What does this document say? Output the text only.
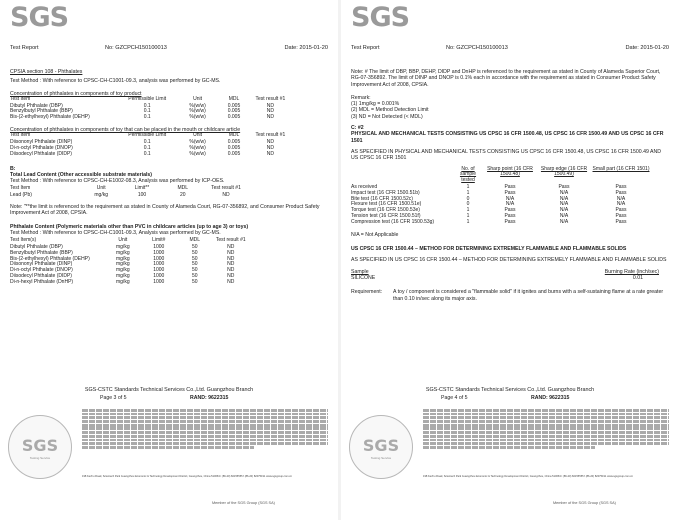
SGS
Test Report	No: GZCPCH150100013	Date: 2015-01-20

CPSIA section 108 - Phthalates

Test Method : With reference to CPSC-CH-C1001-09.3, analysis was performed by GC-MS.

Concentration of phthalates in components of toy product

Test Item	Permissible Limit	Unit	MDL	Test result #1
Dibutyl Phthalate (DBP)	0.1	%(w/w)	0.005	ND
Benzylbutyl Phthalate (BBP)	0.1	%(w/w)	0.005	ND
Bis-(2-ethylhexyl) Phthalate (DEHP)	0.1	%(w/w)	0.005	ND

Concentration of phthalates in components of toy that can be placed in the mouth or childcare article

Test Item	Permissible Limit	Unit	MDL	Test result #1
Diisononyl Phthalate (DINP)	0.1	%(w/w)	0.005	ND
Di-n-octyl Phthalate (DNOP)	0.1	%(w/w)	0.005	ND
Diisodecyl Phthalate (DIDP)	0.1	%(w/w)	0.005	ND

B:

Total Lead Content (Other accessible substrate materials)

Test Method : With reference to CPSC-CH-E1002-08.3, Analysis was performed by ICP-OES.

Test Item	Unit	Limit**	MDL	Test result #1
Lead (Pb)	mg/kg	100	20	ND

Note: "**the limit is referenced to the requirement as stated in County of Alameda Court, RG-07-356892, and Consumer Product Safety Improvement Act of 2008, CPSIA.

Phthalate Content (Polymeric materials other than PVC in childcare articles (up to age 3) or toys)

Test Method : With reference to CPSC-CH-C1001-09.3, Analysis was performed by GC-MS.

Test Item(s)	Unit	Limit#	MDL	Test result #1
Dibutyl Phthalate (DBP)	mg/kg	1000	50	ND
Benzylbutyl Phthalate (BBP)	mg/kg	1000	50	ND
Bis-(2-ethylhexyl) Phthalate (DEHP)	mg/kg	1000	50	ND
Diisononyl Phthalate (DINP)	mg/kg	1000	50	ND
Di-n-octyl Phthalate (DNOP)	mg/kg	1000	50	ND
Diisodecyl Phthalate (DIDP)	mg/kg	1000	50	ND
Di-n-hexyl Phthalate (DnHP)	mg/kg	1000	50	ND
SGS-CSTC Standards Technical Services Co.,Ltd. Guangzhou Branch
Page 3 of 5	RAND: 9622315
SGS
Testing Service
198 Kezhu Road, Scientech Park Guangzhou Economic & Technology Development District, Guangzhou, China 510663 t (86-20) 82155555 f (86-20) 82075191 www.sgsgroup.com.cn
Member of the SGS Group (SGS SA)
SGS
Test Report	No: GZCPCH150100013	Date: 2015-01-20

Note: # The limit of DBP, BBP, DEHP, DIDP and DnHP is referenced to the requirement as stated in County of Alameda Superior Court, RG-07-356892. The limit of DINP and DNOP is 0.1% each in accordance with the requirement as stated in Consumer Product Safety Improvement Act of 2008, CPSIA.

Remark:

(1) 1mg/kg = 0.001%

(2) MDL = Method Detection Limit

(3) ND = Not Detected (< MDL)

C: #2

PHYSICAL AND MECHANICAL TESTS CONSISTING US CPSC 16 CFR 1500.48, US CPSC 16 CFR 1500.49 AND US CPSC 16 CFR 1501

AS SPECIFIED IN PHYSICAL AND MECHANICAL TESTS CONSISTING US CPSC 16 CFR 1500.48, US CPSC 16 CFR 1500.49 AND US CPSC 16 CFR 1501

	No. of sample tested	Sharp point (16 CFR 1500.48)	Sharp edge (16 CFR 1500.49)	Small part (16 CFR 1501)
As received	1	Pass	Pass	Pass
Impact test (16 CFR 1500.51b)	1	Pass	N/A	Pass
Bite test (16 CFR 1500.52c)	0	N/A	N/A	N/A
Flexure test (16 CFR 1500.51e)	0	N/A	N/A	N/A
Torque test (16 CFR 1500.53e)	1	Pass	N/A	Pass
Tension test (16 CFR 1500.51f)	1	Pass	N/A	Pass
Compression test (16 CFR 1500.53g)	1	Pass	N/A	Pass

N/A = Not Applicable

US CPSC 16 CFR 1500.44 – METHOD FOR DETERMINING EXTREMELY FLAMMABLE AND FLAMMABLE SOLIDS

AS SPECIFIED IN US CPSC 16 CFR 1500.44 – METHOD FOR DETERMINING EXTREMELY FLAMMABLE AND FLAMMABLE SOLIDS

Sample
SILICONE
Burning Rate (inch/sec)
0.01
Requirement: A toy / component is considered a "flammable solid" if it ignites and burns with a self-sustaining flame at a rate greater than 0.10 in/sec along its major axis.

SGS-CSTC Standards Technical Services Co.,Ltd. Guangzhou Branch
Page 4 of 5	RAND: 9622315
SGS
Testing Service
198 Kezhu Road, Scientech Park Guangzhou Economic & Technology Development District, Guangzhou, China 510663 t (86-20) 82155555 f (86-20) 82075191 www.sgsgroup.com.cn
Member of the SGS Group (SGS SA)
